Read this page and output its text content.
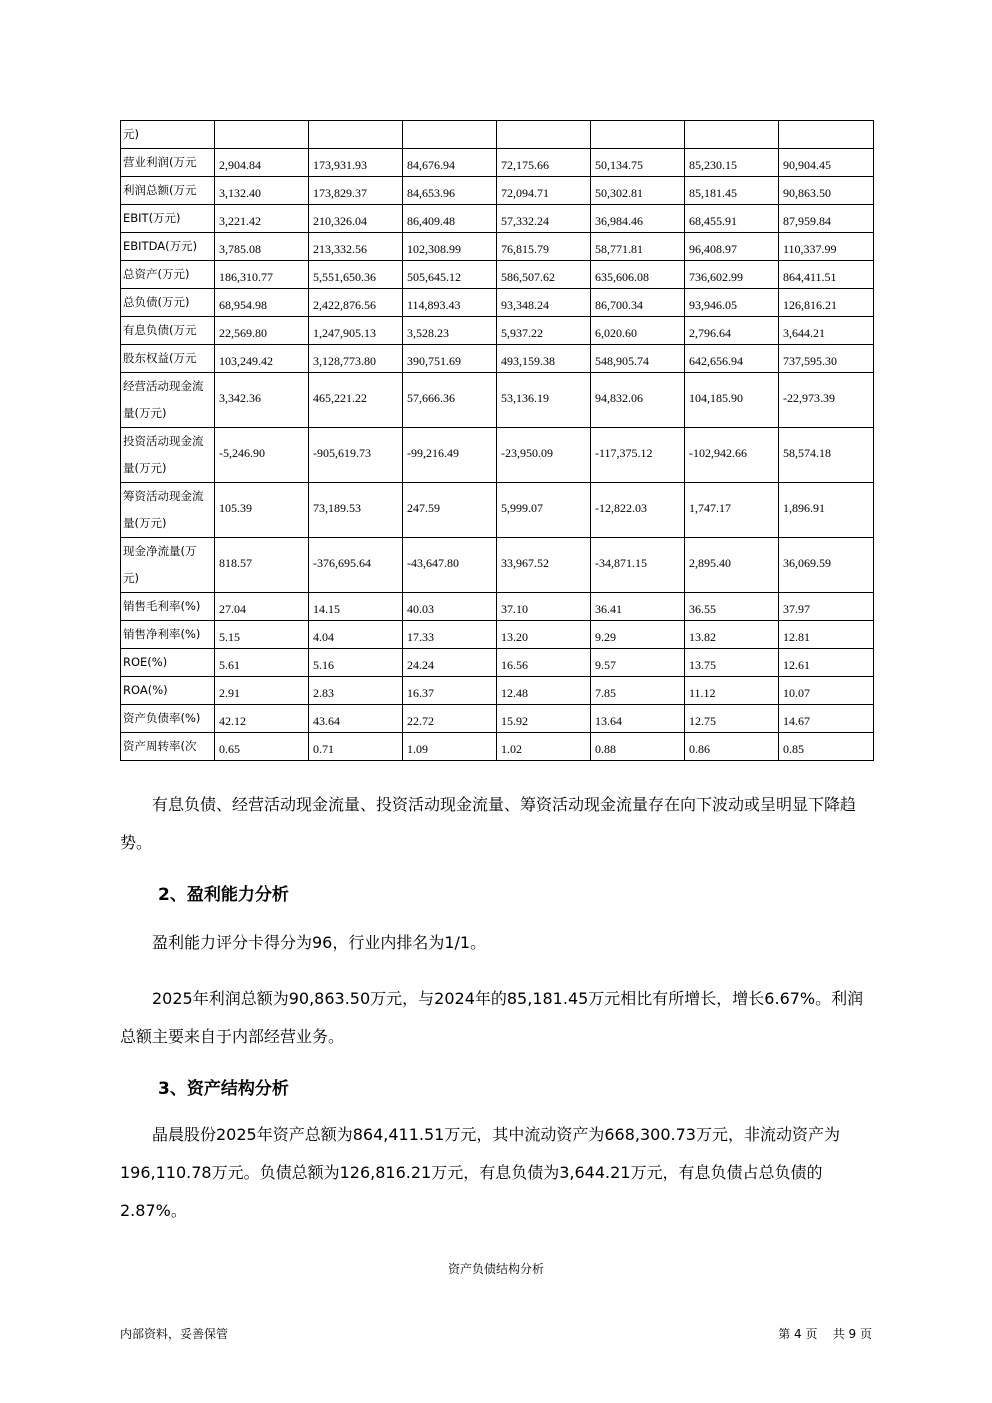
元)							
营业利润(万元	2,904.84	173,931.93	84,676.94	72,175.66	50,134.75	85,230.15	90,904.45
利润总额(万元	3,132.40	173,829.37	84,653.96	72,094.71	50,302.81	85,181.45	90,863.50
EBIT(万元)	3,221.42	210,326.04	86,409.48	57,332.24	36,984.46	68,455.91	87,959.84
EBITDA(万元)	3,785.08	213,332.56	102,308.99	76,815.79	58,771.81	96,408.97	110,337.99
总资产(万元)	186,310.77	5,551,650.36	505,645.12	586,507.62	635,606.08	736,602.99	864,411.51
总负债(万元)	68,954.98	2,422,876.56	114,893.43	93,348.24	86,700.34	93,946.05	126,816.21
有息负债(万元	22,569.80	1,247,905.13	3,528.23	5,937.22	6,020.60	2,796.64	3,644.21
股东权益(万元	103,249.42	3,128,773.80	390,751.69	493,159.38	548,905.74	642,656.94	737,595.30
经营活动现金流量(万元)	3,342.36	465,221.22	57,666.36	53,136.19	94,832.06	104,185.90	-22,973.39
投资活动现金流量(万元)	-5,246.90	-905,619.73	-99,216.49	-23,950.09	-117,375.12	-102,942.66	58,574.18
筹资活动现金流量(万元)	105.39	73,189.53	247.59	5,999.07	-12,822.03	1,747.17	1,896.91
现金净流量(万元)	818.57	-376,695.64	-43,647.80	33,967.52	-34,871.15	2,895.40	36,069.59
销售毛利率(%)	27.04	14.15	40.03	37.10	36.41	36.55	37.97
销售净利率(%)	5.15	4.04	17.33	13.20	9.29	13.82	12.81
ROE(%)	5.61	5.16	24.24	16.56	9.57	13.75	12.61
ROA(%)	2.91	2.83	16.37	12.48	7.85	11.12	10.07
资产负债率(%)	42.12	43.64	22.72	15.92	13.64	12.75	14.67
资产周转率(次	0.65	0.71	1.09	1.02	0.88	0.86	0.85
有息负债、经营活动现金流量、投资活动现金流量、筹资活动现金流量存在向下波动或呈明显下降趋势。
2、盈利能力分析
盈利能力评分卡得分为96，行业内排名为1/1。
2025年利润总额为90,863.50万元，与2024年的85,181.45万元相比有所增长，增长6.67%。利润总额主要来自于内部经营业务。
3、资产结构分析
晶晨股份2025年资产总额为864,411.51万元，其中流动资产为668,300.73万元，非流动资产为196,110.78万元。负债总额为126,816.21万元，有息负债为3,644.21万元，有息负债占总负债的2.87%。
资产负债结构分析
内部资料，妥善保管	第 4 页    共 9 页
